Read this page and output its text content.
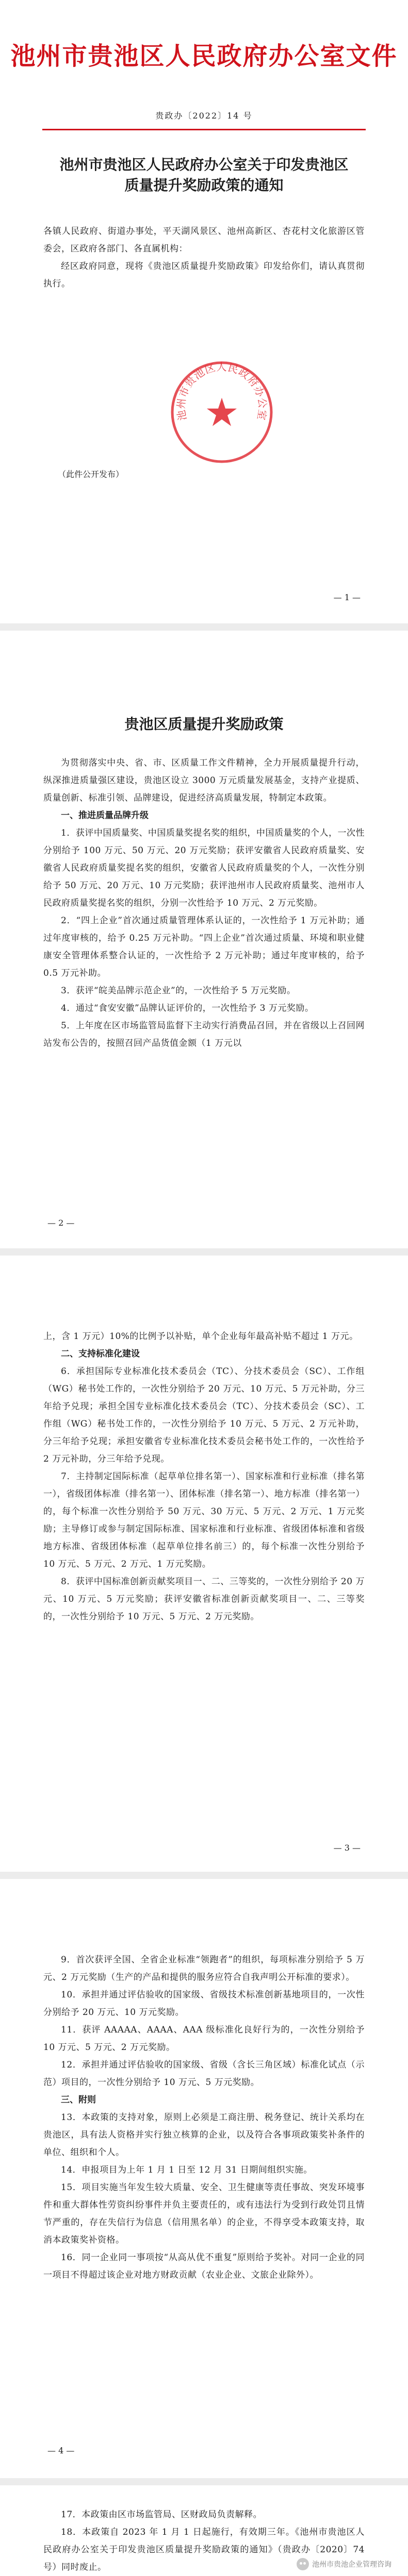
池州市贵池区人民政府办公室文件
贵政办〔2022〕14 号
池州市贵池区人民政府办公室关于印发贵池区
质量提升奖励政策的通知
各镇人民政府、街道办事处，平天湖风景区、池州高新区、杏花村文化旅游区管委会，区政府各部门、各直属机构：
经区政府同意，现将《贵池区质量提升奖励政策》印发给你们，请认真贯彻执行。
池州市贵池区人民政府办公室
（此件公开发布）
— 1 —
贵池区质量提升奖励政策
为贯彻落实中央、省、市、区质量工作文件精神，全力开展质量提升行动，纵深推进质量强区建设，贵池区设立 3000 万元质量发展基金，支持产业提质、质量创新、标准引领、品牌建设，促进经济高质量发展，特制定本政策。
一、推进质量品牌升级
1．获评中国质量奖、中国质量奖提名奖的组织，中国质量奖的个人，一次性分别给予 100 万元、50 万元、20 万元奖励；获评安徽省人民政府质量奖、安徽省人民政府质量奖提名奖的组织，安徽省人民政府质量奖的个人，一次性分别给予 50 万元、20 万元、10 万元奖励；获评池州市人民政府质量奖、池州市人民政府质量奖提名奖的组织，分别一次性给予 10 万元、2 万元奖励。
2．“四上企业”首次通过质量管理体系认证的，一次性给予 1 万元补助；通过年度审核的，给予 0.25 万元补助。“四上企业”首次通过质量、环境和职业健康安全管理体系整合认证的，一次性给予 2 万元补助；通过年度审核的，给予 0.5 万元补助。
3．获评“皖美品牌示范企业”的，一次性给予 5 万元奖励。
4．通过“食安安徽”品牌认证评价的，一次性给予 3 万元奖励。
5．上年度在区市场监管局监督下主动实行消费品召回，并在省级以上召回网站发布公告的，按照召回产品货值金额（1 万元以
— 2 —
上，含 1 万元）10%的比例予以补贴，单个企业每年最高补贴不超过 1 万元。
二、支持标准化建设
6．承担国际专业标准化技术委员会（TC）、分技术委员会（SC）、工作组（WG）秘书处工作的，一次性分别给予 20 万元、10 万元、5 万元补助，分三年给予兑现；承担全国专业标准化技术委员会（TC）、分技术委员会（SC）、工作组（WG）秘书处工作的，一次性分别给予 10 万元、5 万元、2 万元补助，分三年给予兑现；承担安徽省专业标准化技术委员会秘书处工作的，一次性给予 2 万元补助，分三年给予兑现。
7．主持制定国际标准（起草单位排名第一）、国家标准和行业标准（排名第一），省级团体标准（排名第一）、团体标准（排名第一）、地方标准（排名第一）的，每个标准一次性分别给予 50 万元、30 万元、5 万元、2 万元、1 万元奖励；主导修订或参与制定国际标准、国家标准和行业标准、省级团体标准和省级地方标准、省级团体标准（起草单位排名前三）的，每个标准一次性分别给予 10 万元、5 万元、2 万元、1 万元奖励。
8．获评中国标准创新贡献奖项目一、二、三等奖的，一次性分别给予 20 万元、10 万元、5 万元奖励；获评安徽省标准创新贡献奖项目一、二、三等奖的，一次性分别给予 10 万元、5 万元、2 万元奖励。
— 3 —
9．首次获评全国、全省企业标准“领跑者”的组织，每项标准分别给予 5 万元、2 万元奖励（生产的产品和提供的服务应符合自我声明公开标准的要求）。
10．承担并通过评估验收的国家级、省级技术标准创新基地项目的，一次性分别给予 20 万元、10 万元奖励。
11．获评 AAAAA、AAAA、AAA 级标准化良好行为的，一次性分别给予 10 万元、5 万元、2 万元奖励。
12．承担并通过评估验收的国家级、省级（含长三角区域）标准化试点（示范）项目的，一次性分别给予 10 万元、5 万元奖励。
三、附则
13．本政策的支持对象，原则上必须是工商注册、税务登记、统计关系均在贵池区，具有法人资格并实行独立核算的企业，以及符合各事项政策奖补条件的单位、组织和个人。
14．申报项目为上年 1 月 1 日至 12 月 31 日期间组织实施。
15．项目实施当年发生较大质量、安全、卫生健康等责任事故、突发环境事件和重大群体性劳资纠纷事件并负主要责任的，或有违法行为受到行政处罚且情节严重的，存在失信行为信息（信用黑名单）的企业，不得享受本政策支持，取消本政策奖补资格。
16．同一企业同一事项按“从高从优不重复”原则给予奖补。对同一企业的同一项目不得超过该企业对地方财政贡献（农业企业、文旅企业除外）。
— 4 —
17．本政策由区市场监管局、区财政局负责解释。
18．本政策自 2023 年 1 月 1 日起施行，有效期三年。《池州市贵池区人民政府办公室关于印发贵池区质量提升奖励政策的通知》（贵政办〔2020〕74 号）同时废止。	池州市贵池企业管理咨询
